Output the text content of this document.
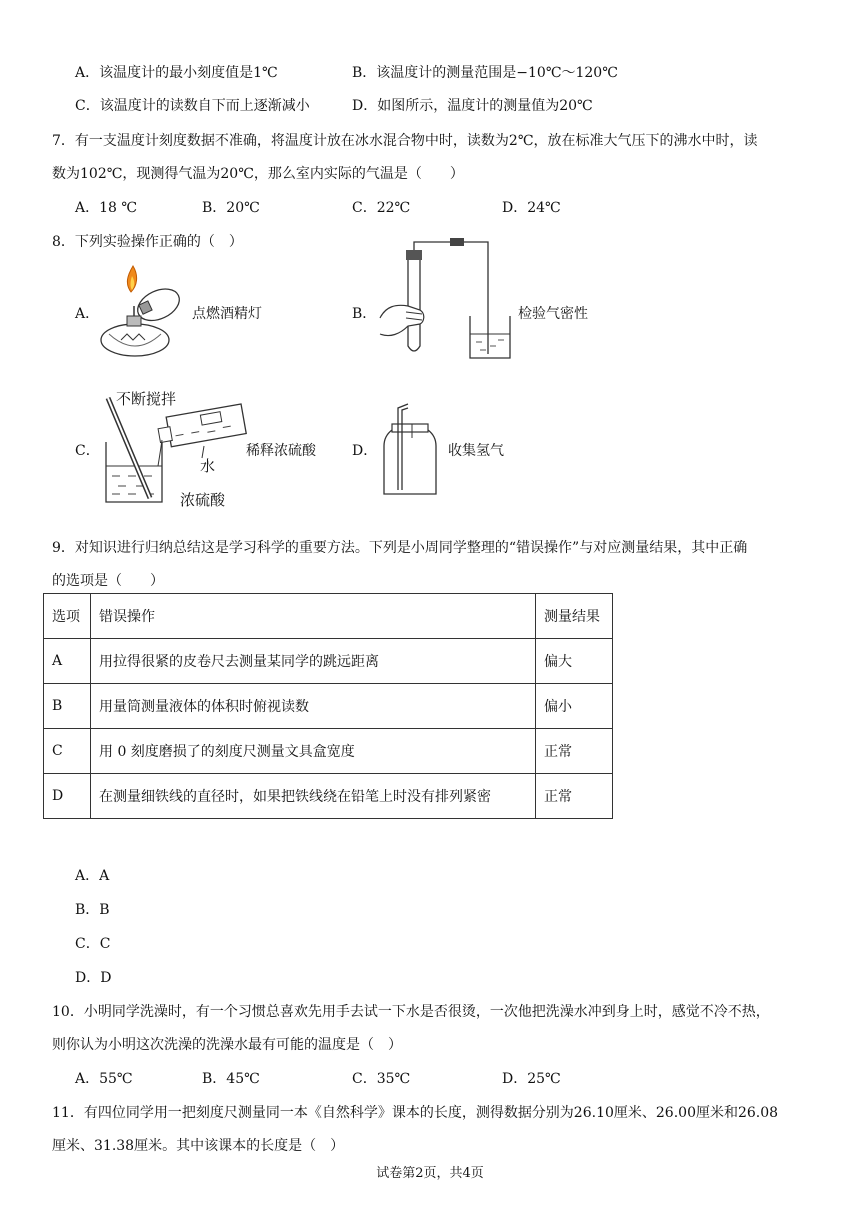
A．该温度计的最小刻度值是1℃	B．该温度计的测量范围是−10℃～120℃
C．该温度计的读数自下而上逐渐减小	D．如图所示，温度计的测量值为20℃
7．有一支温度计刻度数据不准确，将温度计放在冰水混合物中时，读数为2℃，放在标准大气压下的沸水中时，读
数为102℃，现测得气温为20℃，那么室内实际的气温是（　　）
A．18 ℃	B．20℃	C．22℃	D．24℃
8．下列实验操作正确的（　）
A．	点燃酒精灯	B．	检验气密性
C．
不断搅拌
水
浓硫酸
稀释浓硫酸	D．	收集氢气
9．对知识进行归纳总结这是学习科学的重要方法。下列是小周同学整理的“错误操作”与对应测量结果，其中正确
的选项是（　　）
选项	错误操作	测量结果
A	用拉得很紧的皮卷尺去测量某同学的跳远距离	偏大
B	用量筒测量液体的体积时俯视读数	偏小
C	用 0 刻度磨损了的刻度尺测量文具盒宽度	正常
D	在测量细铁线的直径时，如果把铁线绕在铅笔上时没有排列紧密	正常
A．A
B．B
C．C
D．D
10．小明同学洗澡时，有一个习惯总喜欢先用手去试一下水是否很烫，一次他把洗澡水冲到身上时，感觉不冷不热，
则你认为小明这次洗澡的洗澡水最有可能的温度是（　）
A．55℃	B．45℃	C．35℃	D．25℃
11．有四位同学用一把刻度尺测量同一本《自然科学》课本的长度，测得数据分别为26.10厘米、26.00厘米和26.08
厘米、31.38厘米。其中该课本的长度是（　）
试卷第2页，共4页
